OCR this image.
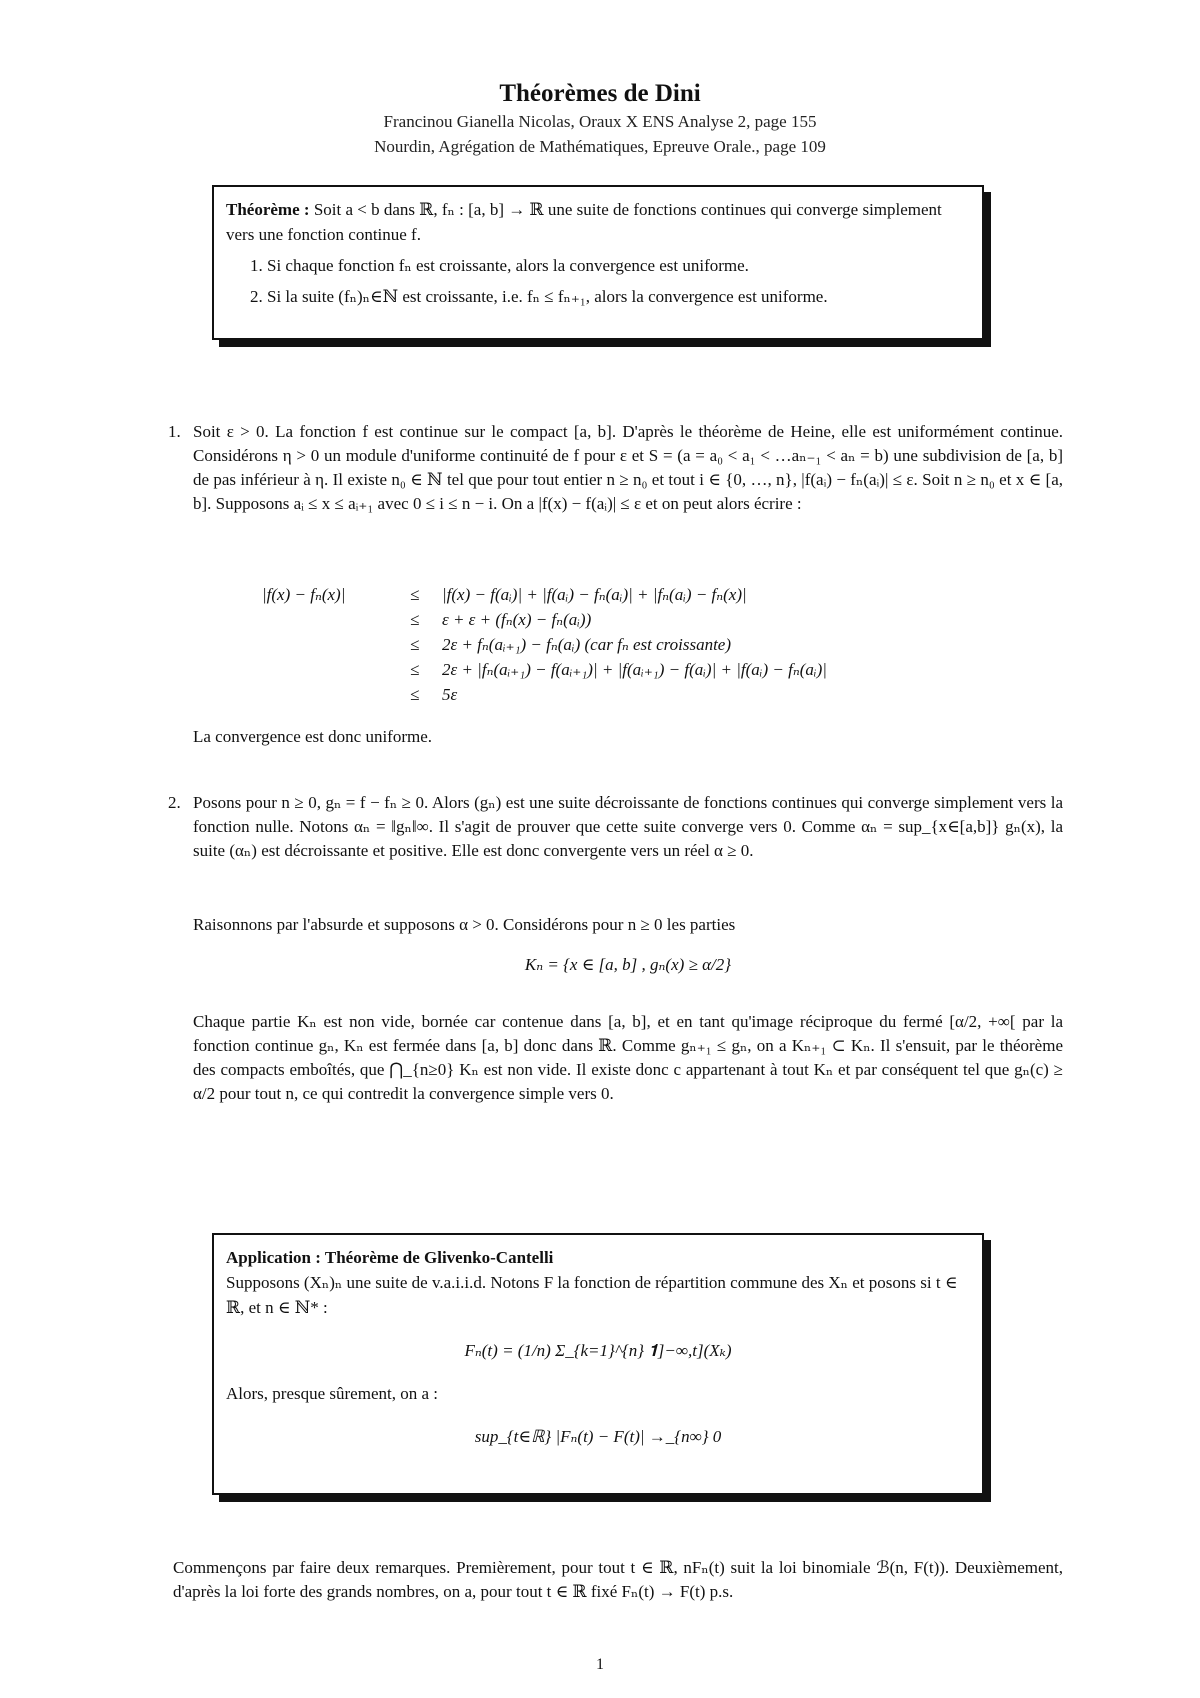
Théorèmes de Dini
Francinou Gianella Nicolas, Oraux X ENS Analyse 2, page 155
Nourdin, Agrégation de Mathématiques, Epreuve Orale., page 109
Théorème : Soit a < b dans ℝ, fₙ : [a, b] → ℝ une suite de fonctions continues qui converge simplement vers une fonction continue f.
1. Si chaque fonction fₙ est croissante, alors la convergence est uniforme.
2. Si la suite (fₙ)ₙ∈ℕ est croissante, i.e. fₙ ≤ fₙ₊₁, alors la convergence est uniforme.
1. Soit ε > 0. La fonction f est continue sur le compact [a, b]. D'après le théorème de Heine, elle est uniformément continue. Considérons η > 0 un module d'uniforme continuité de f pour ε et S = (a = a₀ < a₁ < …aₙ₋₁ < aₙ = b) une subdivision de [a, b] de pas inférieur à η. Il existe n₀ ∈ ℕ tel que pour tout entier n ≥ n₀ et tout i ∈ {0, …, n}, |f(aᵢ) − fₙ(aᵢ)| ≤ ε. Soit n ≥ n₀ et x ∈ [a, b]. Supposons aᵢ ≤ x ≤ aᵢ₊₁ avec 0 ≤ i ≤ n − i. On a |f(x) − f(aᵢ)| ≤ ε et on peut alors écrire :
|f(x) − fₙ(x)|	≤
≤
≤
≤
≤
|f(x) − f(aᵢ)| + |f(aᵢ) − fₙ(aᵢ)| + |fₙ(aᵢ) − fₙ(x)|
ε + ε + (fₙ(x) − fₙ(aᵢ))
2ε + fₙ(aᵢ₊₁) − fₙ(aᵢ) (car fₙ est croissante)
2ε + |fₙ(aᵢ₊₁) − f(aᵢ₊₁)| + |f(aᵢ₊₁) − f(aᵢ)| + |f(aᵢ) − fₙ(aᵢ)|
5ε
La convergence est donc uniforme.
2. Posons pour n ≥ 0, gₙ = f − fₙ ≥ 0. Alors (gₙ) est une suite décroissante de fonctions continues qui converge simplement vers la fonction nulle. Notons αₙ = ‖gₙ‖∞. Il s'agit de prouver que cette suite converge vers 0. Comme αₙ = sup_{x∈[a,b]} gₙ(x), la suite (αₙ) est décroissante et positive. Elle est donc convergente vers un réel α ≥ 0.
Raisonnons par l'absurde et supposons α > 0. Considérons pour n ≥ 0 les parties
Kₙ = {x ∈ [a, b] , gₙ(x) ≥ α/2}
Chaque partie Kₙ est non vide, bornée car contenue dans [a, b], et en tant qu'image réciproque du fermé [α/2, +∞[ par la fonction continue gₙ, Kₙ est fermée dans [a, b] donc dans ℝ. Comme gₙ₊₁ ≤ gₙ, on a Kₙ₊₁ ⊂ Kₙ. Il s'ensuit, par le théorème des compacts emboîtés, que ⋂_{n≥0} Kₙ est non vide. Il existe donc c appartenant à tout Kₙ et par conséquent tel que gₙ(c) ≥ α/2 pour tout n, ce qui contredit la convergence simple vers 0.
Application : Théorème de Glivenko-Cantelli
Supposons (Xₙ)ₙ une suite de v.a.i.i.d. Notons F la fonction de répartition commune des Xₙ et posons si t ∈ ℝ, et n ∈ ℕ* :
Fₙ(t) = (1/n) Σ_{k=1}^{n} 𝟏]−∞,t](Xₖ)
Alors, presque sûrement, on a :
sup_{t∈ℝ} |Fₙ(t) − F(t)| →_{n∞} 0
Commençons par faire deux remarques. Premièrement, pour tout t ∈ ℝ, nFₙ(t) suit la loi binomiale ℬ(n, F(t)). Deuxièmement, d'après la loi forte des grands nombres, on a, pour tout t ∈ ℝ fixé Fₙ(t) → F(t) p.s.
1
